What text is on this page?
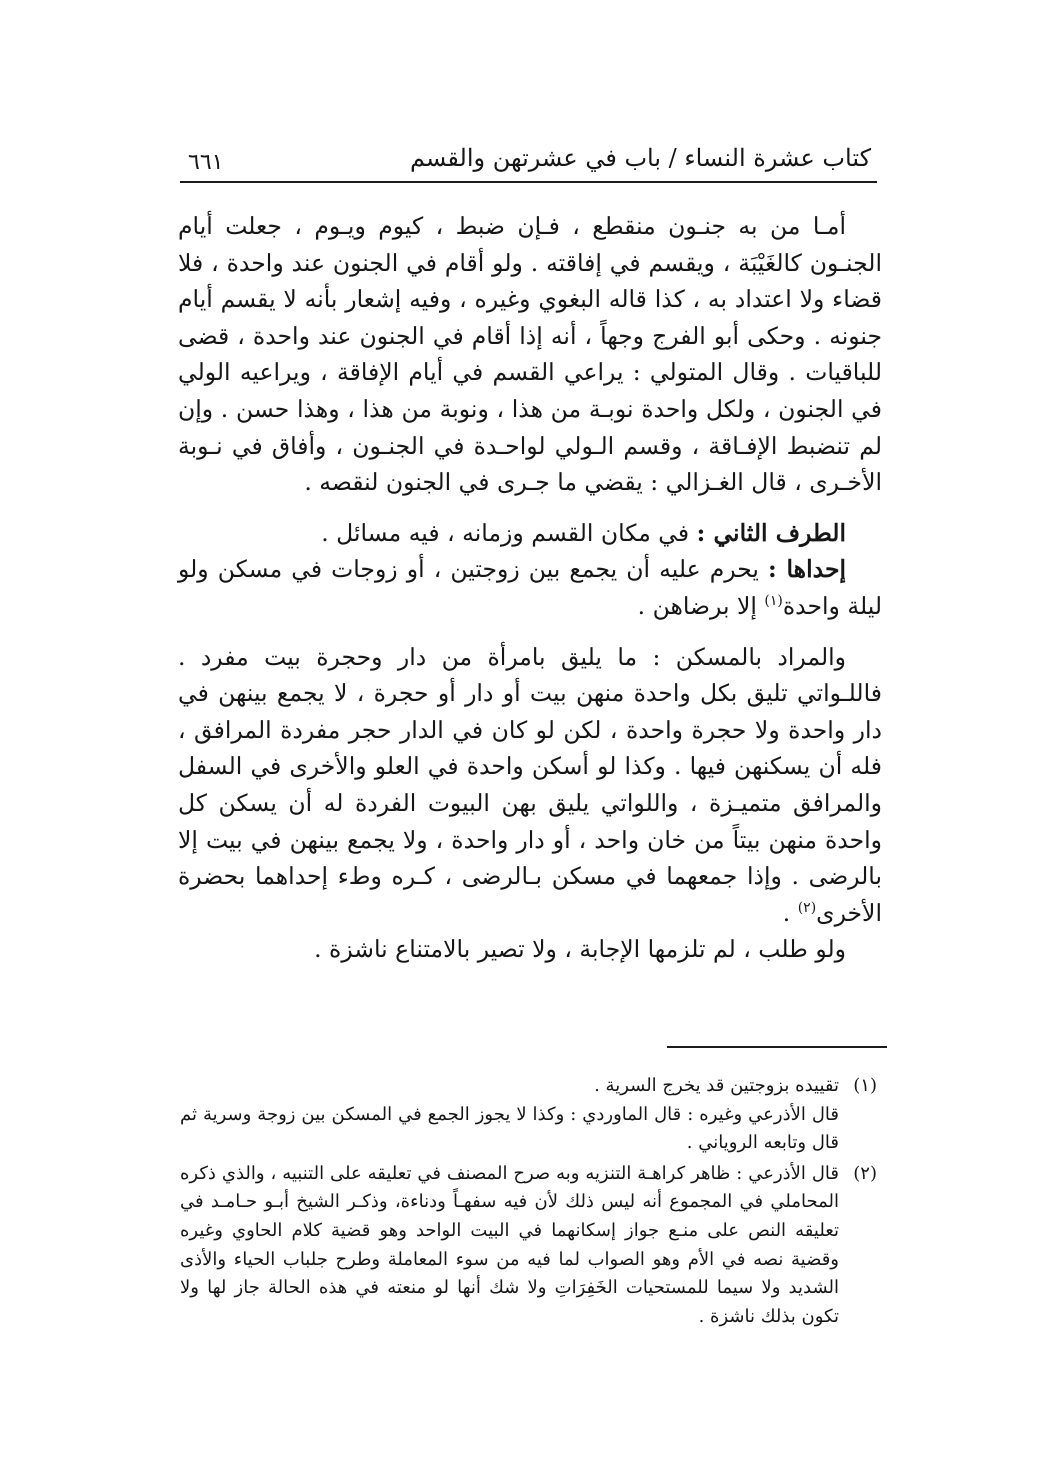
كتاب عشرة النساء / باب في عشرتهن والقسم
٦٦١

أمـا من به جنـون منقطع ، فـإن ضبط ، كيوم ويـوم ، جعلت أيام الجنـون كالغَيْبَة ، ويقسم في إفاقته . ولو أقام في الجنون عند واحدة ، فلا قضاء ولا اعتداد به ، كذا قاله البغوي وغيره ، وفيه إشعار بأنه لا يقسم أيام جنونه . وحكى أبو الفرج وجهاً ، أنه إذا أقام في الجنون عند واحدة ، قضى للباقيات . وقال المتولي : يراعي القسم في أيام الإفاقة ، ويراعيه الولي في الجنون ، ولكل واحدة نوبـة من هذا ، ونوبة من هذا ، وهذا حسن . وإن لم تنضبط الإفـاقة ، وقسم الـولي لواحـدة في الجنـون ، وأفاق في نـوبة الأخـرى ، قال الغـزالي : يقضي ما جـرى في الجنون لنقصه .

الطرف الثاني : في مكان القسم وزمانه ، فيه مسائل .

إحداها : يحرم عليه أن يجمع بين زوجتين ، أو زوجات في مسكن ولو ليلة واحدة$^{(١)}$ إلا برضاهن .

والمراد بالمسكن : ما يليق بامرأة من دار وحجرة بيت مفرد . فاللـواتي تليق بكل واحدة منهن بيت أو دار أو حجرة ، لا يجمع بينهن في دار واحدة ولا حجرة واحدة ، لكن لو كان في الدار حجر مفردة المرافق ، فله أن يسكنهن فيها . وكذا لو أسكن واحدة في العلو والأخرى في السفل والمرافق متميـزة ، واللواتي يليق بهن البيوت الفردة له أن يسكن كل واحدة منهن بيتاً من خان واحد ، أو دار واحدة ، ولا يجمع بينهن في بيت إلا بالرضى . وإذا جمعهما في مسكن بـالرضى ، كـره وطء إحداهما بحضرة الأخرى$^{(٢)}$ .

ولو طلب ، لم تلزمها الإجابة ، ولا تصير بالامتناع ناشزة .

(١)

تقييده بزوجتين قد يخرج السرية .

قال الأذرعي وغيره : قال الماوردي : وكذا لا يجوز الجمع في المسكن بين زوجة وسرية ثم قال وتابعه الروياني .

(٢)

قال الأذرعي : ظاهر كراهـة التنزيه وبه صرح المصنف في تعليقه على التنبيه ، والذي ذكره المحاملي في المجموع أنه ليس ذلك لأن فيه سفهـاً ودناءة، وذكـر الشيخ أبـو حـامـد في تعليقه النص على منـع جواز إسكانهما في البيت الواحد وهو قضية كلام الحاوي وغيره وقضية نصه في الأم وهو الصواب لما فيه من سوء المعاملة وطرح جلباب الحياء والأذى الشديد ولا سيما للمستحيات الخَفِرَاتِ ولا شك أنها لو منعته في هذه الحالة جاز لها ولا تكون بذلك ناشزة .
